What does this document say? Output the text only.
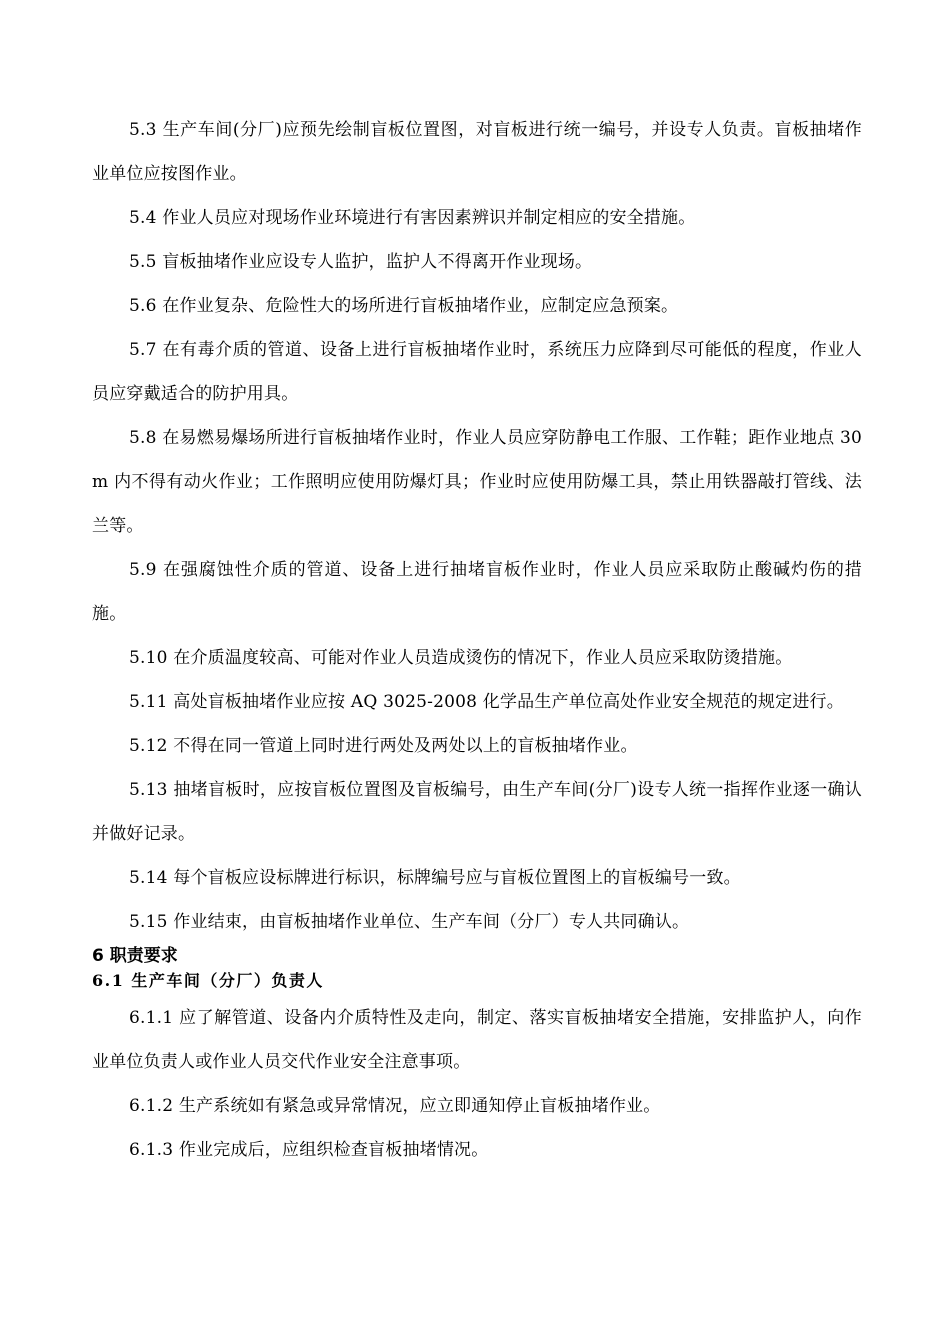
5.3 生产车间(分厂)应预先绘制盲板位置图，对盲板进行统一编号，并设专人负责。盲板抽堵作业单位应按图作业。

5.4 作业人员应对现场作业环境进行有害因素辨识并制定相应的安全措施。

5.5 盲板抽堵作业应设专人监护，监护人不得离开作业现场。

5.6 在作业复杂、危险性大的场所进行盲板抽堵作业，应制定应急预案。

5.7 在有毒介质的管道、设备上进行盲板抽堵作业时，系统压力应降到尽可能低的程度，作业人员应穿戴适合的防护用具。

5.8 在易燃易爆场所进行盲板抽堵作业时，作业人员应穿防静电工作服、工作鞋；距作业地点 30 m 内不得有动火作业；工作照明应使用防爆灯具；作业时应使用防爆工具，禁止用铁器敲打管线、法兰等。

5.9 在强腐蚀性介质的管道、设备上进行抽堵盲板作业时，作业人员应采取防止酸碱灼伤的措施。

5.10 在介质温度较高、可能对作业人员造成烫伤的情况下，作业人员应采取防烫措施。

5.11 高处盲板抽堵作业应按 AQ 3025-2008 化学品生产单位高处作业安全规范的规定进行。

5.12 不得在同一管道上同时进行两处及两处以上的盲板抽堵作业。

5.13 抽堵盲板时，应按盲板位置图及盲板编号，由生产车间(分厂)设专人统一指挥作业逐一确认并做好记录。

5.14 每个盲板应设标牌进行标识，标牌编号应与盲板位置图上的盲板编号一致。

5.15 作业结束，由盲板抽堵作业单位、生产车间（分厂）专人共同确认。

6 职责要求
6.1 生产车间（分厂）负责人

6.1.1 应了解管道、设备内介质特性及走向，制定、落实盲板抽堵安全措施，安排监护人，向作业单位负责人或作业人员交代作业安全注意事项。

6.1.2 生产系统如有紧急或异常情况，应立即通知停止盲板抽堵作业。

6.1.3 作业完成后，应组织检查盲板抽堵情况。
